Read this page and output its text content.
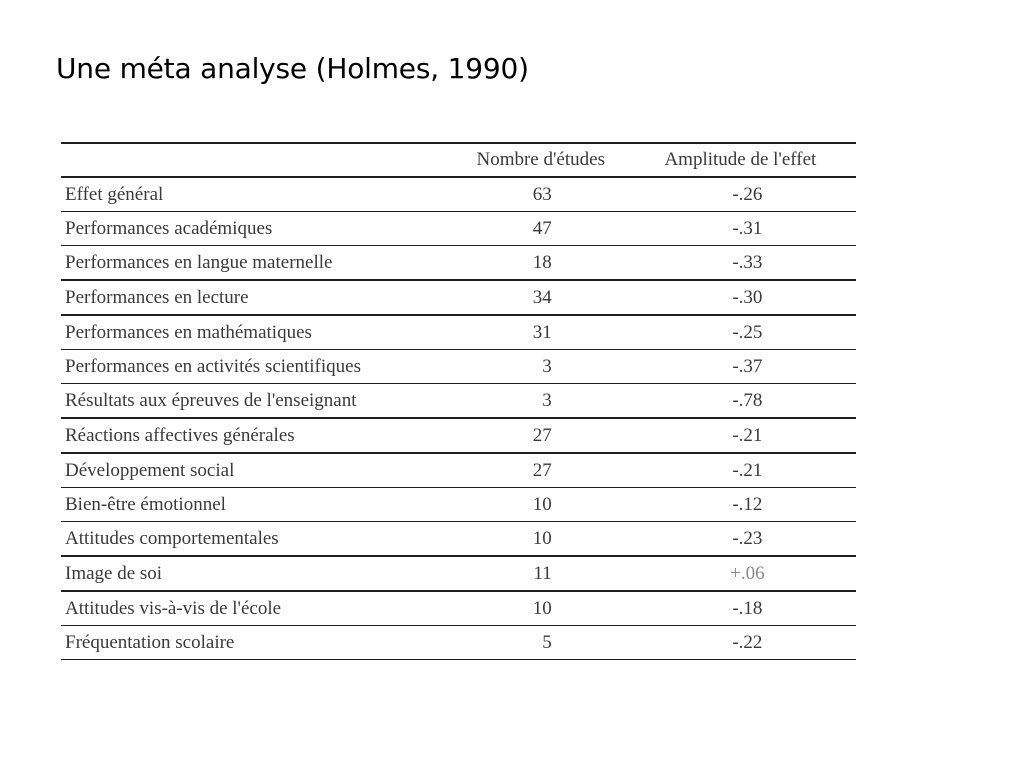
Une méta analyse (Holmes, 1990)
	Nombre d'études	Amplitude de l'effet
Effet général	63	-.26
Performances académiques	47	-.31
Performances en langue maternelle	18	-.33
Performances en lecture	34	-.30
Performances en mathématiques	31	-.25
Performances en activités scientifiques	3	-.37
Résultats aux épreuves de l'enseignant	3	-.78
Réactions affectives générales	27	-.21
Développement social	27	-.21
Bien-être émotionnel	10	-.12
Attitudes comportementales	10	-.23
Image de soi	11	+.06
Attitudes vis-à-vis de l'école	10	-.18
Fréquentation scolaire	5	-.22
